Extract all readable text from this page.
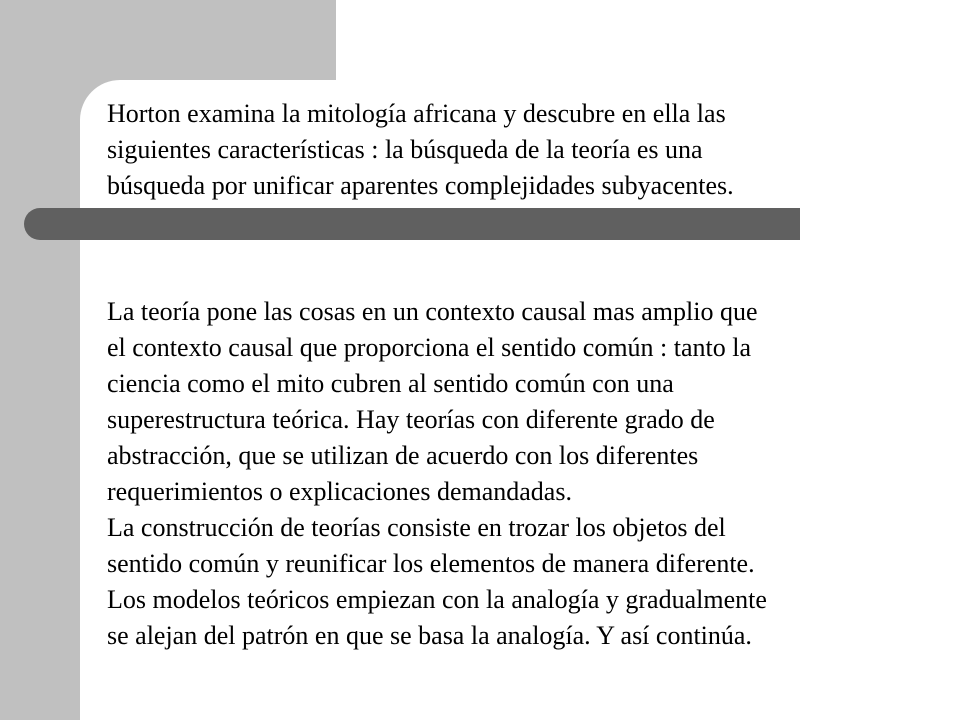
Horton examina la mitología africana y descubre en ella las
siguientes características : la búsqueda de la teoría es una
búsqueda por unificar aparentes complejidades subyacentes.

La teoría pone las cosas en un contexto causal mas amplio que
el contexto causal que proporciona el sentido común : tanto la
ciencia como el mito cubren al sentido común con una
superestructura teórica. Hay teorías con diferente grado de
abstracción, que se utilizan de acuerdo con los diferentes
requerimientos o explicaciones demandadas.
La construcción de teorías consiste en trozar los objetos del
sentido común y reunificar los elementos de manera diferente.
Los modelos teóricos empiezan con la analogía y gradualmente
se alejan del patrón en que se basa la analogía. Y así continúa.
